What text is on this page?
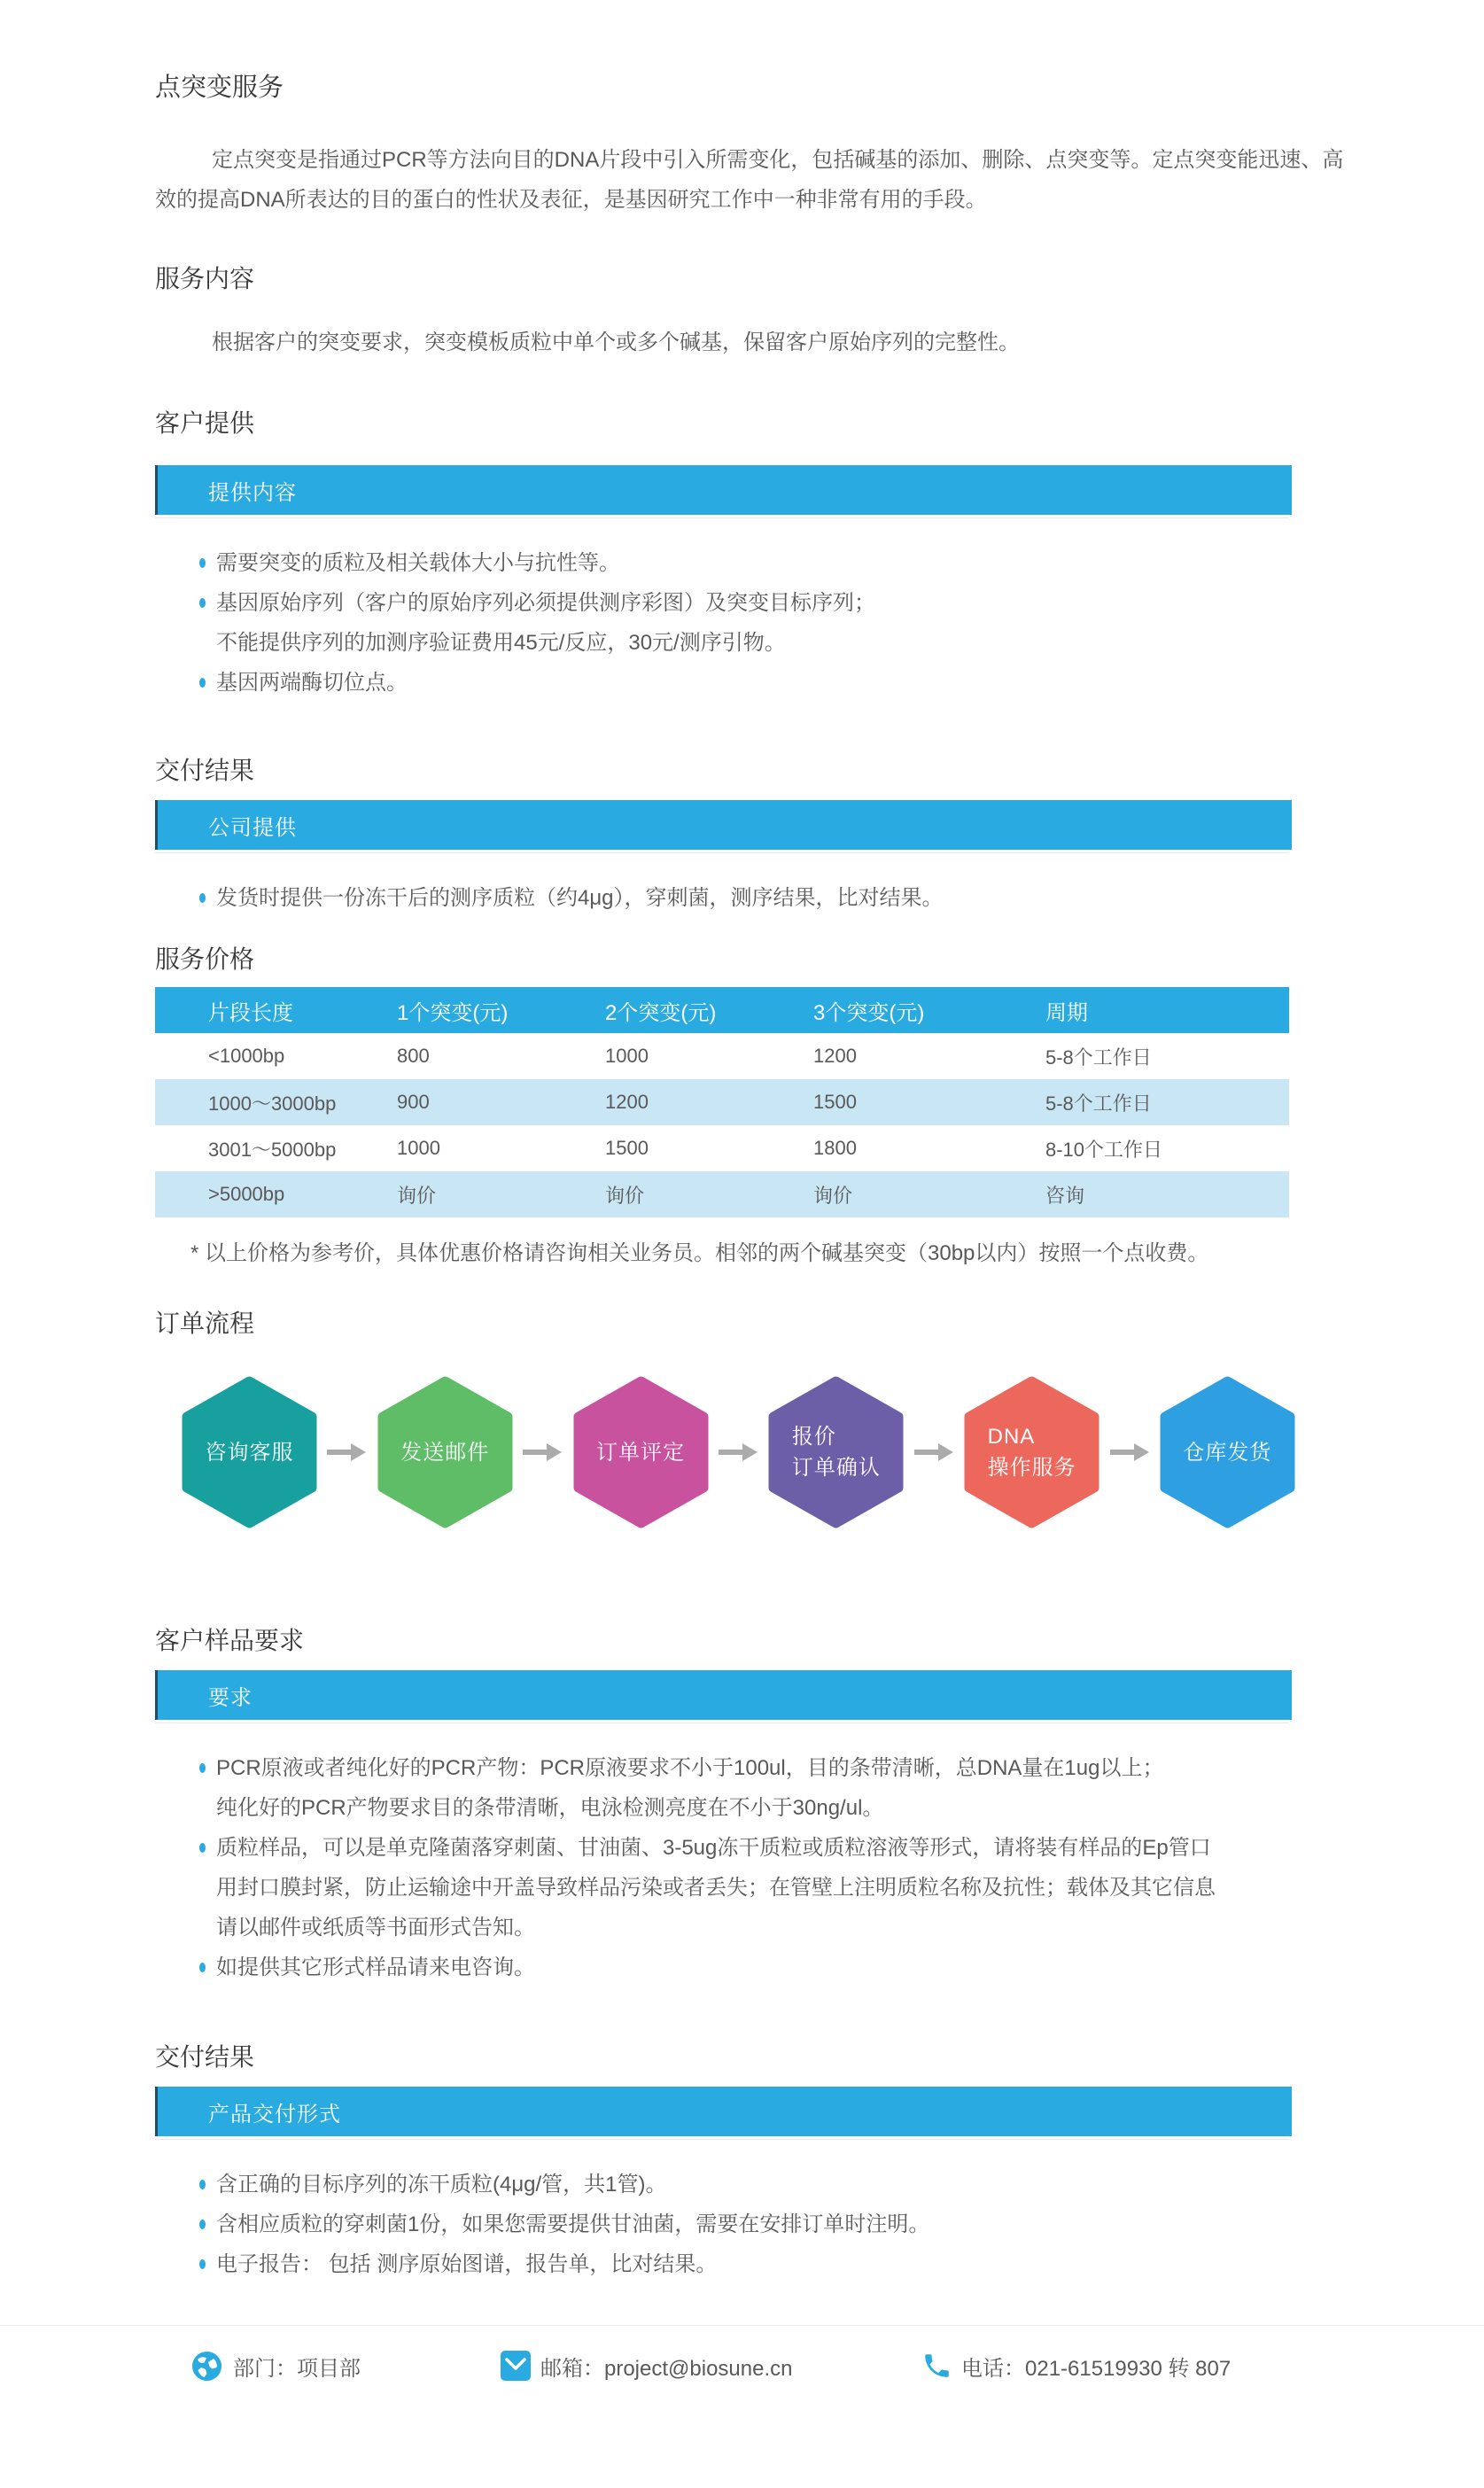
点突变服务

定点突变是指通过PCR等方法向目的DNA片段中引入所需变化，包括碱基的添加、删除、点突变等。定点突变能迅速、高效的提高DNA所表达的目的蛋白的性状及表征，是基因研究工作中一种非常有用的手段。

服务内容

根据客户的突变要求，突变模板质粒中单个或多个碱基，保留客户原始序列的完整性。

客户提供
提供内容
需要突变的质粒及相关载体大小与抗性等。
基因原始序列（客户的原始序列必须提供测序彩图）及突变目标序列；
不能提供序列的加测序验证费用45元/反应，30元/测序引物。
基因两端酶切位点。
交付结果
公司提供
发货时提供一份冻干后的测序质粒（约4μg），穿刺菌，测序结果，比对结果。
服务价格
片段长度	1个突变(元)	2个突变(元)	3个突变(元)	周期
<1000bp	800	1000	1200	5-8个工作日
1000～3000bp	900	1200	1500	5-8个工作日
3001～5000bp	1000	1500	1800	8-10个工作日
>5000bp	询价	询价	询价	咨询
* 以上价格为参考价，具体优惠价格请咨询相关业务员。相邻的两个碱基突变（30bp以内）按照一个点收费。
订单流程
咨询客服	发送邮件	订单评定
报价
订单确认
DNA
操作服务
仓库发货
客户样品要求
要求
PCR原液或者纯化好的PCR产物：PCR原液要求不小于100ul，目的条带清晰，总DNA量在1ug以上；
纯化好的PCR产物要求目的条带清晰，电泳检测亮度在不小于30ng/ul。
质粒样品，可以是单克隆菌落穿刺菌、甘油菌、3-5ug冻干质粒或质粒溶液等形式，请将装有样品的Ep管口
用封口膜封紧，防止运输途中开盖导致样品污染或者丢失；在管壁上注明质粒名称及抗性；载体及其它信息
请以邮件或纸质等书面形式告知。
如提供其它形式样品请来电咨询。
交付结果
产品交付形式
含正确的目标序列的冻干质粒(4μg/管，共1管)。
含相应质粒的穿刺菌1份，如果您需要提供甘油菌，需要在安排订单时注明。
电子报告： 包括 测序原始图谱，报告单，比对结果。
部门：项目部	邮箱：project@biosune.cn	电话：021-61519930 转 807
